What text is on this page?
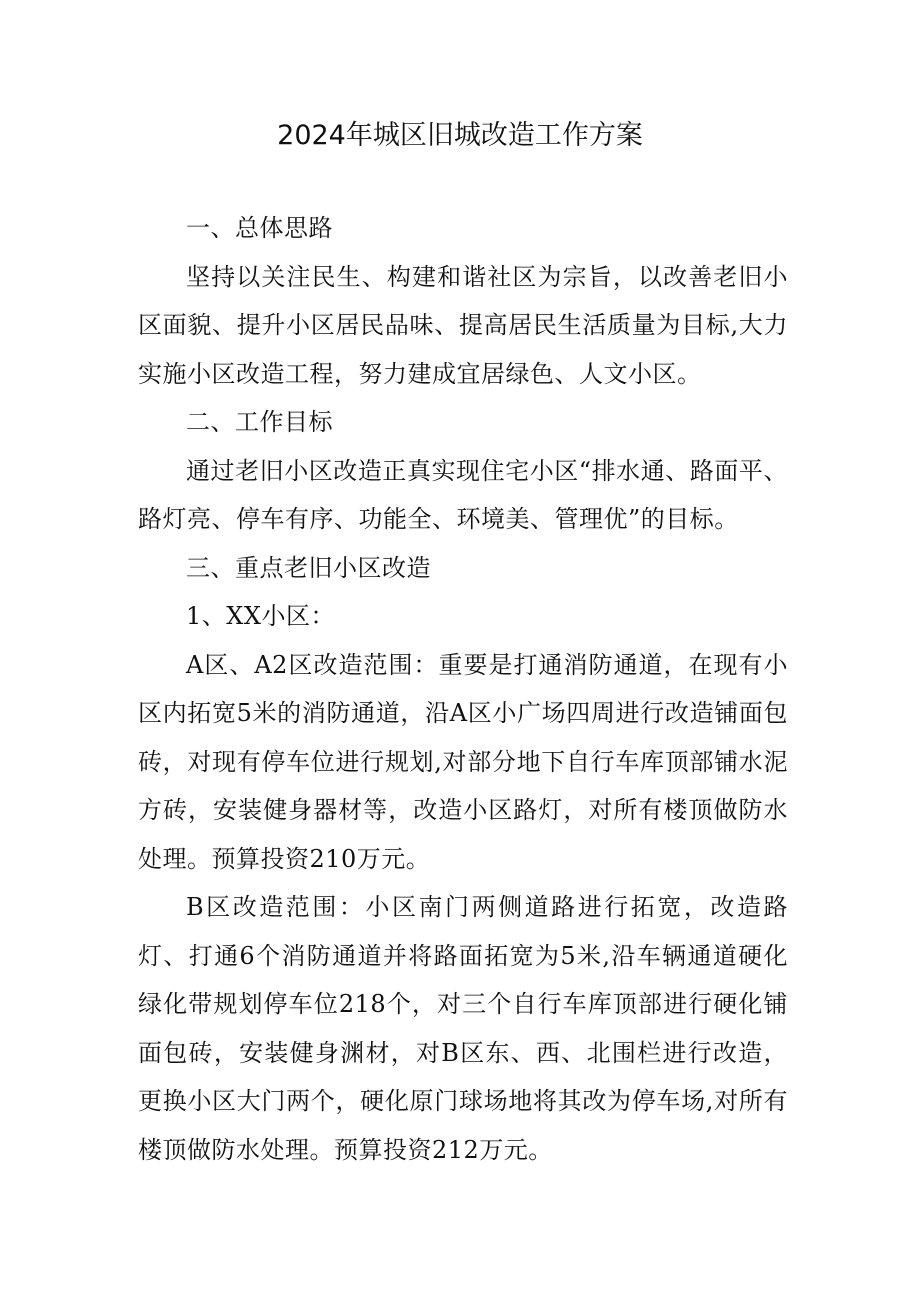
2024年城区旧城改造工作方案

一、总体思路

坚持以关注民生、构建和谐社区为宗旨，以改善老旧小区面貌、提升小区居民品味、提高居民生活质量为目标,大力实施小区改造工程，努力建成宜居绿色、人文小区。

二、工作目标

通过老旧小区改造正真实现住宅小区“排水通、路面平、路灯亮、停车有序、功能全、环境美、管理优”的目标。

三、重点老旧小区改造

1、XX小区：

A区、A2区改造范围：重要是打通消防通道，在现有小区内拓宽5米的消防通道，沿Α区小广场四周进行改造铺面包砖，对现有停车位进行规划,对部分地下自行车库顶部铺水泥方砖，安装健身器材等，改造小区路灯，对所有楼顶做防水处理。预算投资210万元。

B区改造范围：小区南门两侧道路进行拓宽，改造路灯、打通6个消防通道并将路面拓宽为5米,沿车辆通道硬化绿化带规划停车位218个，对三个自行车库顶部进行硬化铺面包砖，安装健身渊材，对B区东、西、北围栏进行改造，更换小区大门两个，硬化原门球场地将其改为停车场,对所有楼顶做防水处理。预算投资212万元。
